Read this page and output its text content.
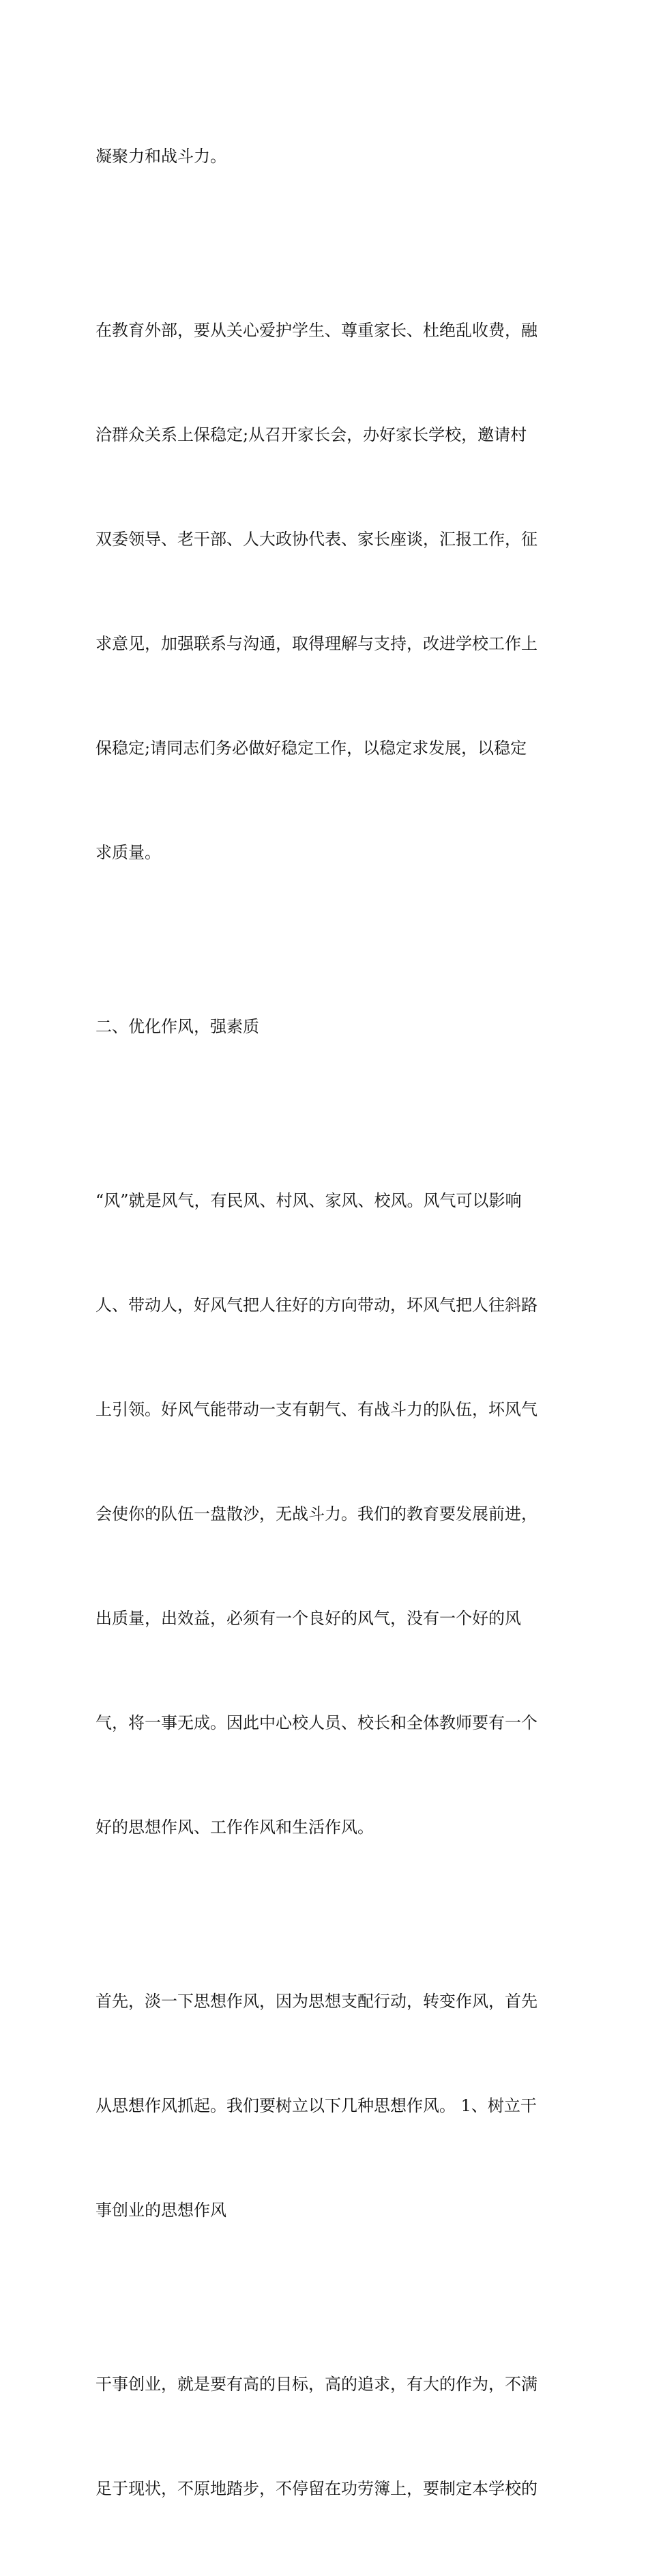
凝聚力和战斗力。

在教育外部，要从关心爱护学生、尊重家长、杜绝乱收费，融

洽群众关系上保稳定;从召开家长会，办好家长学校，邀请村

双委领导、老干部、人大政协代表、家长座谈，汇报工作，征

求意见，加强联系与沟通，取得理解与支持，改进学校工作上

保稳定;请同志们务必做好稳定工作，以稳定求发展，以稳定

求质量。

二、优化作风，强素质

“风”就是风气，有民风、村风、家风、校风。风气可以影响

人、带动人，好风气把人往好的方向带动，坏风气把人往斜路

上引领。好风气能带动一支有朝气、有战斗力的队伍，坏风气

会使你的队伍一盘散沙，无战斗力。我们的教育要发展前进，

出质量，出效益，必须有一个良好的风气，没有一个好的风

气，将一事无成。因此中心校人员、校长和全体教师要有一个

好的思想作风、工作作风和生活作风。

首先，淡一下思想作风，因为思想支配行动，转变作风，首先

从思想作风抓起。我们要树立以下几种思想作风。 1、树立干

事创业的思想作风

干事创业，就是要有高的目标，高的追求，有大的作为，不满

足于现状，不原地踏步，不停留在功劳簿上，要制定本学校的
